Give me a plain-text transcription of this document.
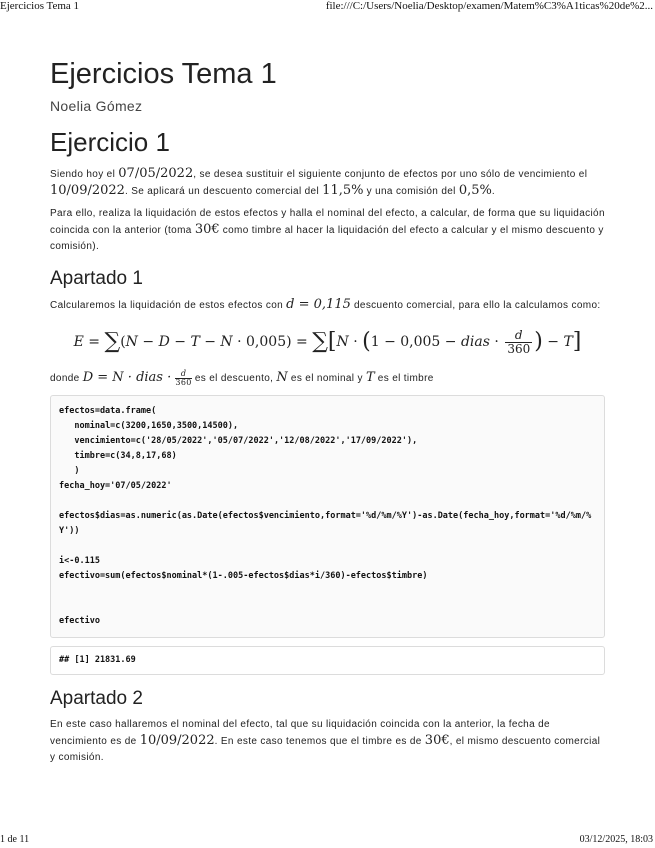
Ejercicios Tema 1	file:///C:/Users/Noelia/Desktop/examen/Matem%C3%A1ticas%20de%2...
Ejercicios Tema 1
Noelia Gómez
Ejercicio 1

Siendo hoy el 07/05/2022, se desea sustituir el siguiente conjunto de efectos por uno sólo de vencimiento el 10/09/2022. Se aplicará un descuento comercial del 11,5% y una comisión del 0,5%.

Para ello, realiza la liquidación de estos efectos y halla el nominal del efecto, a calcular, de forma que su liquidación coincida con la anterior (toma 30€ como timbre al hacer la liquidación del efecto a calcular y el mismo descuento y comisión).

Apartado 1

Calcularemos la liquidación de estos efectos con d = 0,115 descuento comercial, para ello la calculamos como:

E = ∑(N − D − T − N · 0,005) = ∑[N · (1 − 0,005 − dias · $\frac{d}{360}$ ) − T]

donde D = N · dias · $\frac{d}{360}$ es el descuento, N es el nominal y T es el timbre

efectos=data.frame(
nominal=c(3200,1650,3500,14500),
vencimiento=c('28/05/2022','05/07/2022','12/08/2022','17/09/2022'),
timbre=c(34,8,17,68)
)
fecha_hoy='07/05/2022'

efectos$dias=as.numeric(as.Date(efectos$vencimiento,format='%d/%m/%Y')-as.Date(fecha_hoy,format='%d/%m/%Y'))

i<-0.115
efectivo=sum(efectos$nominal*(1-.005-efectos$dias*i/360)-efectos$timbre)

efectivo
## [1] 21831.69
Apartado 2

En este caso hallaremos el nominal del efecto, tal que su liquidación coincida con la anterior, la fecha de vencimiento es de 10/09/2022. En este caso tenemos que el timbre es de 30€, el mismo descuento comercial y comisión.

1 de 11	03/12/2025, 18:03
